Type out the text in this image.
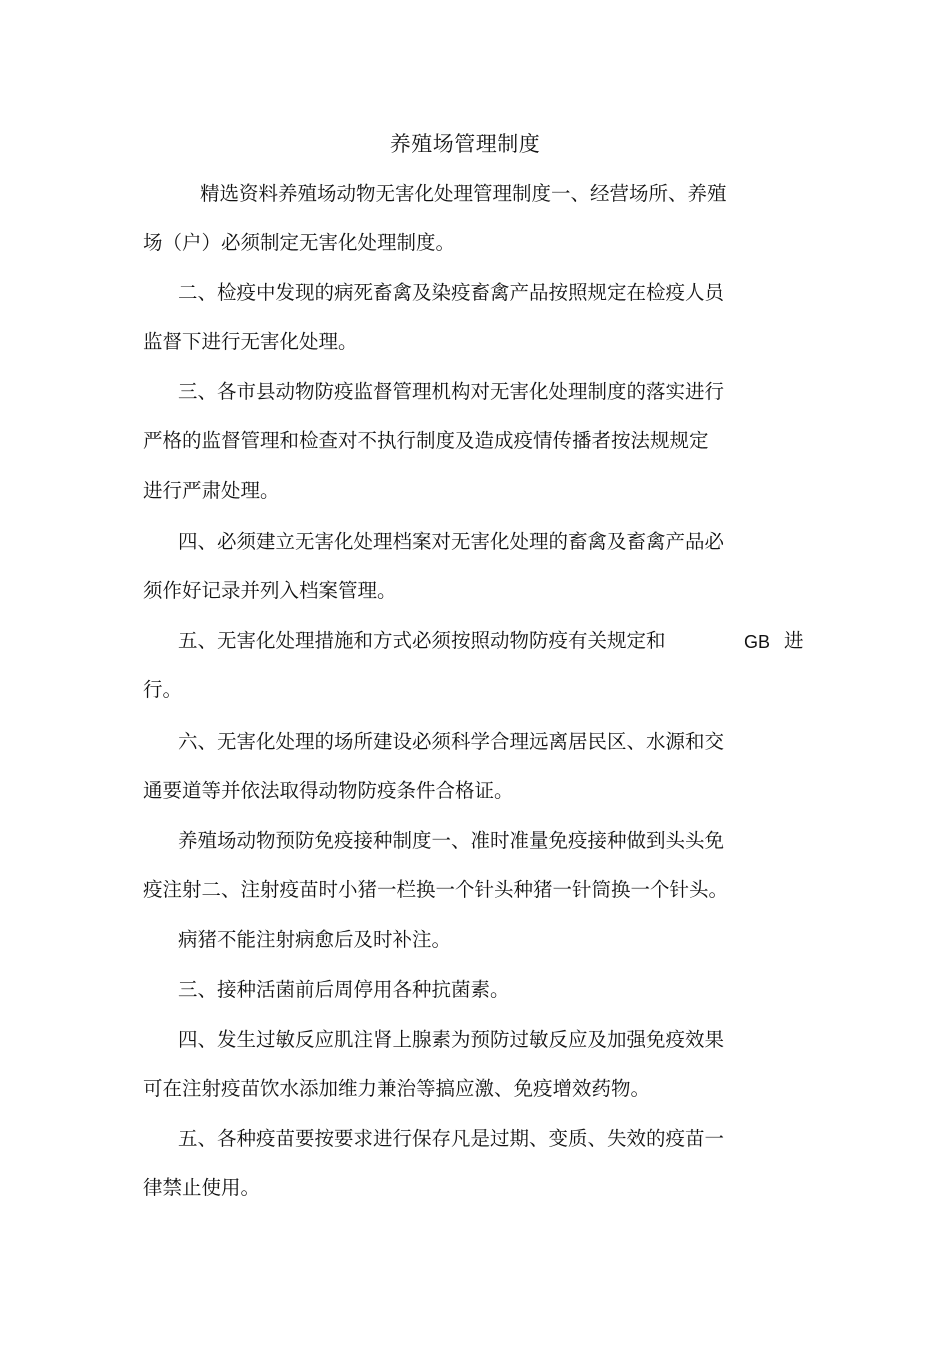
养殖场管理制度
精选资料养殖场动物无害化处理管理制度一、经营场所、养殖
场（户）必须制定无害化处理制度。
二、检疫中发现的病死畜禽及染疫畜禽产品按照规定在检疫人员
监督下进行无害化处理。
三、各市县动物防疫监督管理机构对无害化处理制度的落实进行
严格的监督管理和检查对不执行制度及造成疫情传播者按法规规定
进行严肃处理。
四、必须建立无害化处理档案对无害化处理的畜禽及畜禽产品必
须作好记录并列入档案管理。
五、无害化处理措施和方式必须按照动物防疫有关规定和	GB 进
行。
六、无害化处理的场所建设必须科学合理远离居民区、水源和交
通要道等并依法取得动物防疫条件合格证。
养殖场动物预防免疫接种制度一、准时准量免疫接种做到头头免
疫注射二、注射疫苗时小猪一栏换一个针头种猪一针筒换一个针头。
病猪不能注射病愈后及时补注。
三、接种活菌前后周停用各种抗菌素。
四、发生过敏反应肌注肾上腺素为预防过敏反应及加强免疫效果
可在注射疫苗饮水添加维力兼治等搞应激、免疫增效药物。
五、各种疫苗要按要求进行保存凡是过期、变质、失效的疫苗一
律禁止使用。
